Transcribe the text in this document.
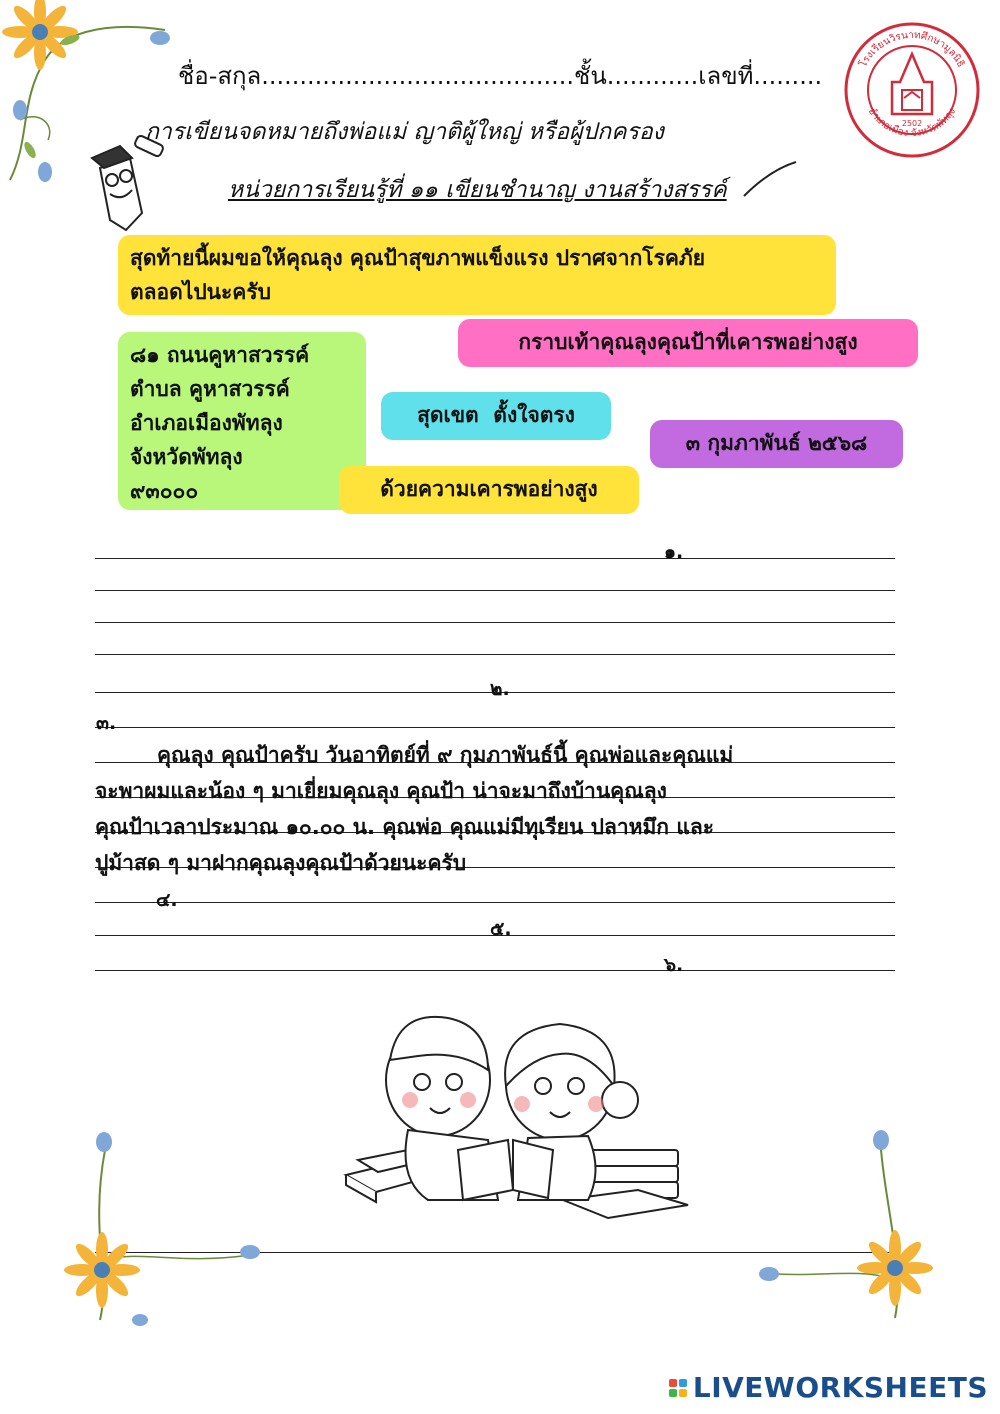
ชื่อ-สกุล.........................................ชั้น............เลขที่.........
การเขียนจดหมายถึงพ่อแม่ ญาติผู้ใหญ่ หรือผู้ปกครอง
หน่วยการเรียนรู้ที่ ๑๑ เขียนชำนาญ งานสร้างสรรค์
โรงเรียนวิรนาทศึกษามูลนิธิ
อำเภอเมือง จังหวัดพัทลุง
2502
สุดท้ายนี้ผมขอให้คุณลุง คุณป้าสุขภาพแข็งแรง ปราศจากโรคภัย
ตลอดไปนะครับ
๘๑ ถนนคูหาสวรรค์
ตำบล คูหาสวรรค์
อำเภอเมืองพัทลุง
จังหวัดพัทลุง
๙๓๐๐๐
กราบเท้าคุณลุงคุณป้าที่เคารพอย่างสูง
สุดเขต  ตั้งใจตรง
๓ กุมภาพันธ์ ๒๕๖๘
ด้วยความเคารพอย่างสูง
๑.
๒.
๓.
๔.
๕.
๖.
คุณลุง คุณป้าครับ วันอาทิตย์ที่ ๙ กุมภาพันธ์นี้ คุณพ่อและคุณแม่
จะพาผมและน้อง ๆ มาเยี่ยมคุณลุง คุณป้า น่าจะมาถึงบ้านคุณลุง
คุณป้าเวลาประมาณ ๑๐.๐๐ น. คุณพ่อ คุณแม่มีทุเรียน ปลาหมึก และ
ปูม้าสด ๆ มาฝากคุณลุงคุณป้าด้วยนะครับ
LIVEWORKSHEETS
